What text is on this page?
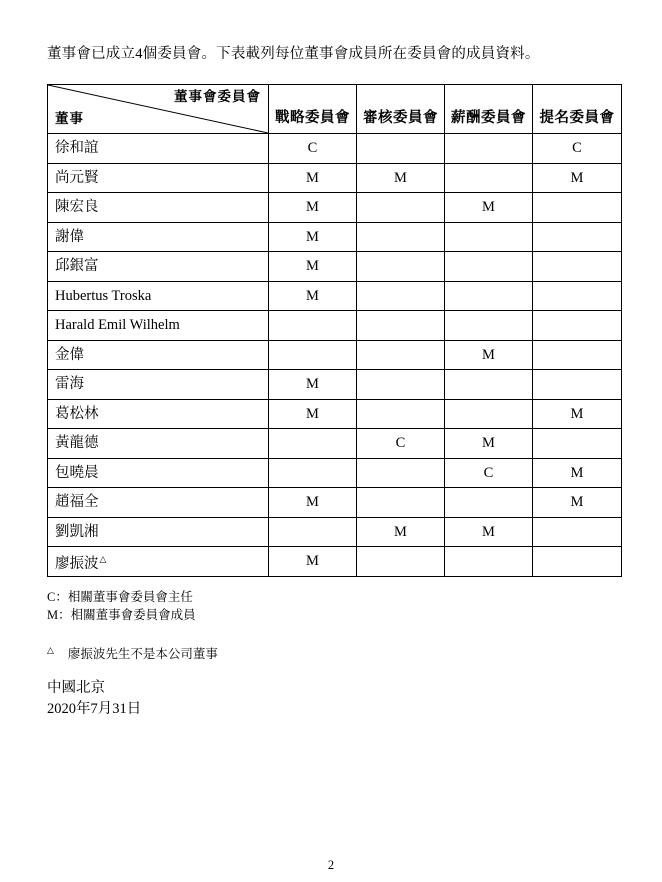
董事會已成立4個委員會。下表載列每位董事會成員所在委員會的成員資料。
董事會委員會
董事	戰略委員會	審核委員會	薪酬委員會	提名委員會
徐和誼	C			C
尚元賢	M	M		M
陳宏良	M		M	
謝偉	M			
邱銀富	M			
Hubertus Troska	M			
Harald Emil Wilhelm				
金偉			M	
雷海	M			
葛松林	M			M
黃龍德		C	M	
包曉晨			C	M
趙福全	M			M
劉凱湘		M	M	
廖振波△	M			
C：相關董事會委員會主任
M：相關董事會委員會成員
△ 廖振波先生不是本公司董事
中國北京
2020年7月31日
2
